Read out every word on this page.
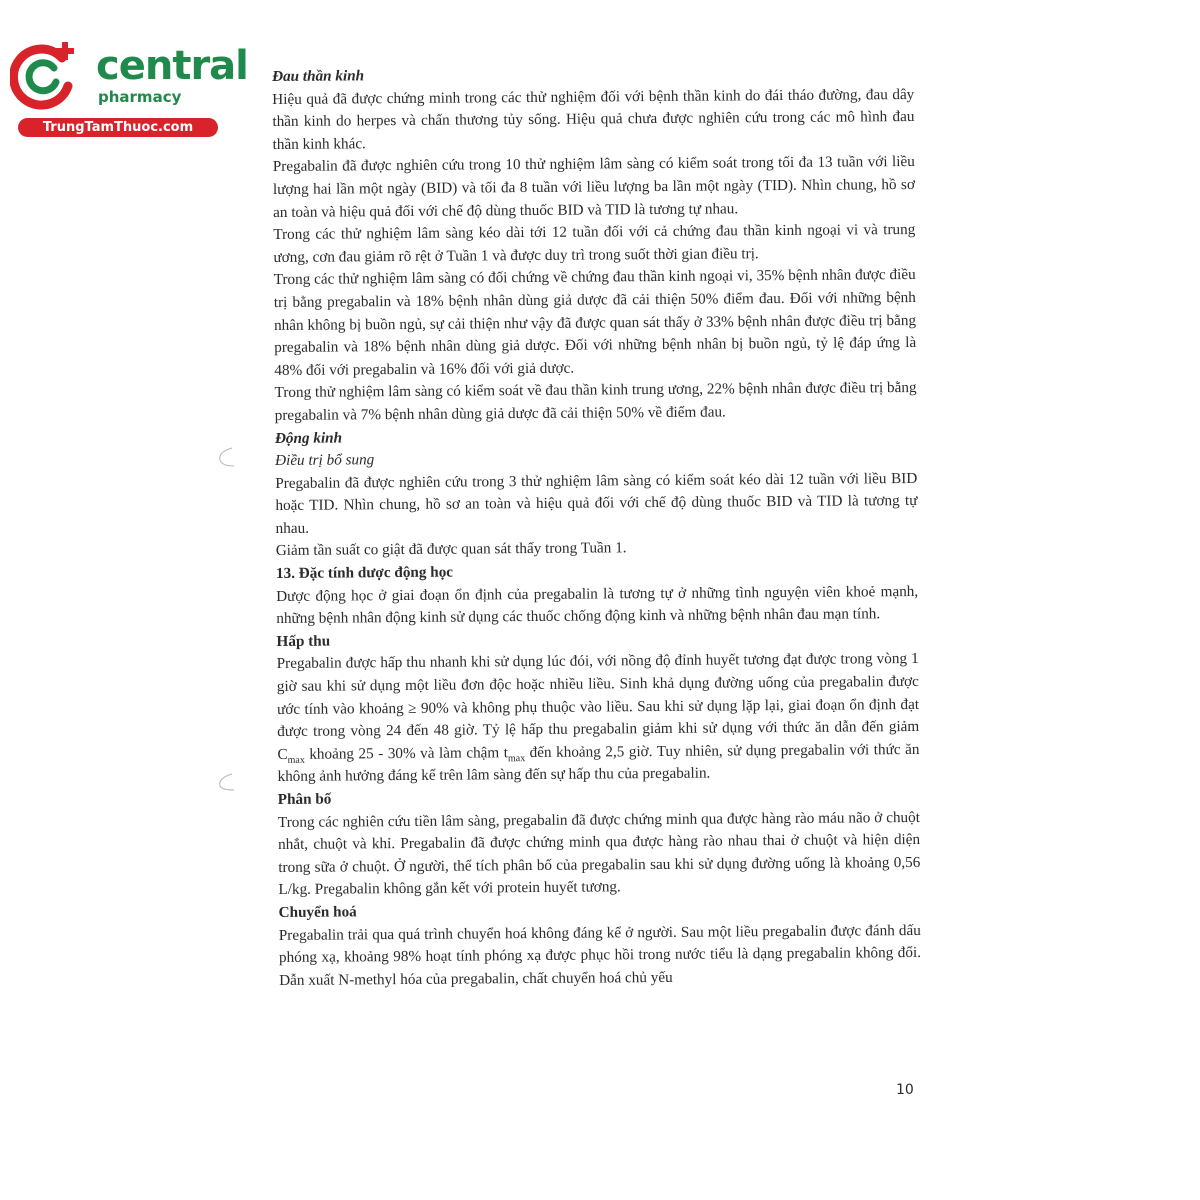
central
pharmacy
TrungTamThuoc.com
Đau thần kinh

Hiệu quả đã được chứng minh trong các thử nghiệm đối với bệnh thần kinh do đái tháo đường, đau dây thần kinh do herpes và chấn thương tủy sống. Hiệu quả chưa được nghiên cứu trong các mô hình đau thần kinh khác.

Pregabalin đã được nghiên cứu trong 10 thử nghiệm lâm sàng có kiểm soát trong tối đa 13 tuần với liều lượng hai lần một ngày (BID) và tối đa 8 tuần với liều lượng ba lần một ngày (TID). Nhìn chung, hồ sơ an toàn và hiệu quả đối với chế độ dùng thuốc BID và TID là tương tự nhau.

Trong các thử nghiệm lâm sàng kéo dài tới 12 tuần đối với cả chứng đau thần kinh ngoại vi và trung ương, cơn đau giảm rõ rệt ở Tuần 1 và được duy trì trong suốt thời gian điều trị.

Trong các thử nghiệm lâm sàng có đối chứng về chứng đau thần kinh ngoại vi, 35% bệnh nhân được điều trị bằng pregabalin và 18% bệnh nhân dùng giả dược đã cải thiện 50% điểm đau. Đối với những bệnh nhân không bị buồn ngủ, sự cải thiện như vậy đã được quan sát thấy ở 33% bệnh nhân được điều trị bằng pregabalin và 18% bệnh nhân dùng giả dược. Đối với những bệnh nhân bị buồn ngủ, tỷ lệ đáp ứng là 48% đối với pregabalin và 16% đối với giả dược.

Trong thử nghiệm lâm sàng có kiểm soát về đau thần kinh trung ương, 22% bệnh nhân được điều trị bằng pregabalin và 7% bệnh nhân dùng giả dược đã cải thiện 50% về điểm đau.

Động kinh
Điều trị bổ sung

Pregabalin đã được nghiên cứu trong 3 thử nghiệm lâm sàng có kiểm soát kéo dài 12 tuần với liều BID hoặc TID. Nhìn chung, hồ sơ an toàn và hiệu quả đối với chế độ dùng thuốc BID và TID là tương tự nhau.

Giảm tần suất co giật đã được quan sát thấy trong Tuần 1.

13. Đặc tính dược động học

Dược động học ở giai đoạn ổn định của pregabalin là tương tự ở những tình nguyện viên khoẻ mạnh, những bệnh nhân động kinh sử dụng các thuốc chống động kinh và những bệnh nhân đau mạn tính.

Hấp thu

Pregabalin được hấp thu nhanh khi sử dụng lúc đói, với nồng độ đỉnh huyết tương đạt được trong vòng 1 giờ sau khi sử dụng một liều đơn độc hoặc nhiều liều. Sinh khả dụng đường uống của pregabalin được ước tính vào khoảng ≥ 90% và không phụ thuộc vào liều. Sau khi sử dụng lặp lại, giai đoạn ổn định đạt được trong vòng 24 đến 48 giờ. Tỷ lệ hấp thu pregabalin giảm khi sử dụng với thức ăn dẫn đến giảm $C_{max}$ khoảng 25 - 30% và làm chậm $t_{max}$ đến khoảng 2,5 giờ. Tuy nhiên, sử dụng pregabalin với thức ăn không ảnh hưởng đáng kể trên lâm sàng đến sự hấp thu của pregabalin.

Phân bố

Trong các nghiên cứu tiền lâm sàng, pregabalin đã được chứng minh qua được hàng rào máu não ở chuột nhắt, chuột và khỉ. Pregabalin đã được chứng minh qua được hàng rào nhau thai ở chuột và hiện diện trong sữa ở chuột. Ở người, thể tích phân bố của pregabalin sau khi sử dụng đường uống là khoảng 0,56 L/kg. Pregabalin không gắn kết với protein huyết tương.

Chuyển hoá

Pregabalin trải qua quá trình chuyển hoá không đáng kể ở người. Sau một liều pregabalin được đánh dấu phóng xạ, khoảng 98% hoạt tính phóng xạ được phục hồi trong nước tiểu là dạng pregabalin không đổi. Dẫn xuất N-methyl hóa của pregabalin, chất chuyển hoá chủ yếu

10
